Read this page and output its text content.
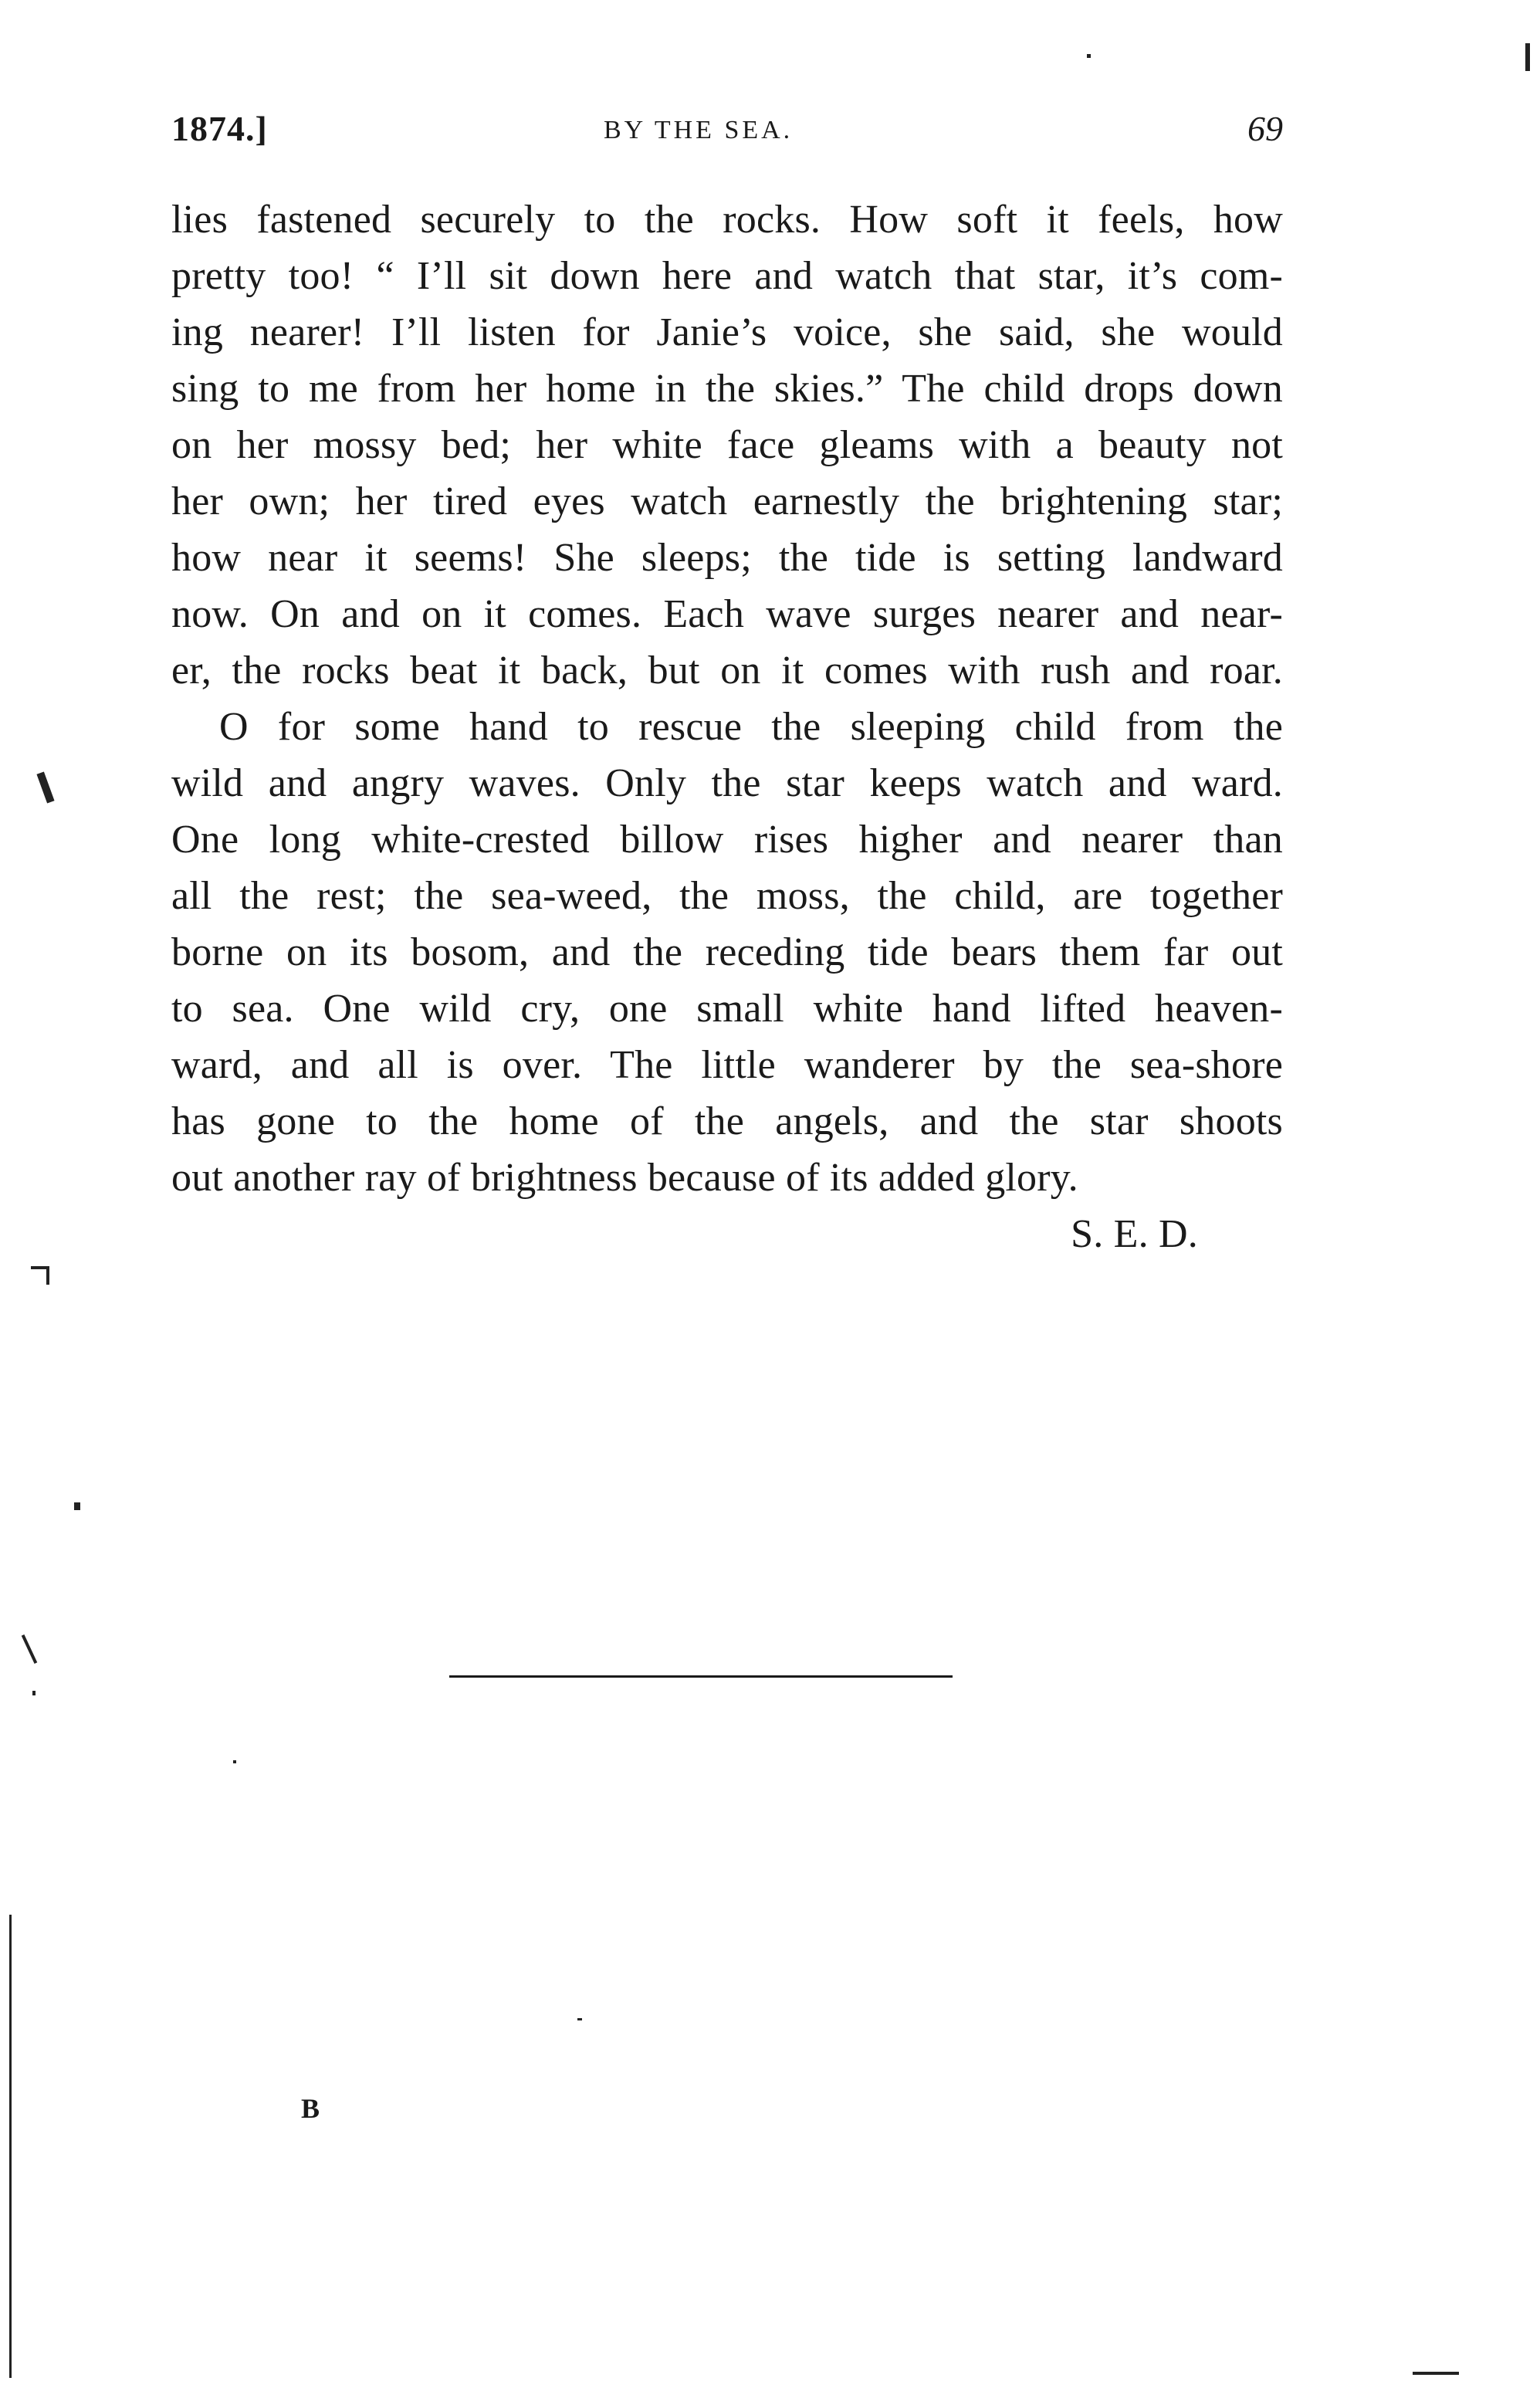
1874.]	BY THE SEA.	69
lies fastened securely to the rocks. How soft it feels, how
pretty too! “ I’ll sit down here and watch that star, it’s com-
ing nearer! I’ll listen for Janie’s voice, she said, she would
sing to me from her home in the skies.” The child drops down
on her mossy bed; her white face gleams with a beauty not
her own; her tired eyes watch earnestly the brightening star;
how near it seems! She sleeps; the tide is setting landward
now. On and on it comes. Each wave surges nearer and near-
er, the rocks beat it back, but on it comes with rush and roar.
O for some hand to rescue the sleeping child from the
wild and angry waves. Only the star keeps watch and ward.
One long white-crested billow rises higher and nearer than
all the rest; the sea-weed, the moss, the child, are together
borne on its bosom, and the receding tide bears them far out
to sea. One wild cry, one small white hand lifted heaven-
ward, and all is over. The little wanderer by the sea-shore
has gone to the home of the angels, and the star shoots
out another ray of brightness because of its added glory.
S. E. D.
B
